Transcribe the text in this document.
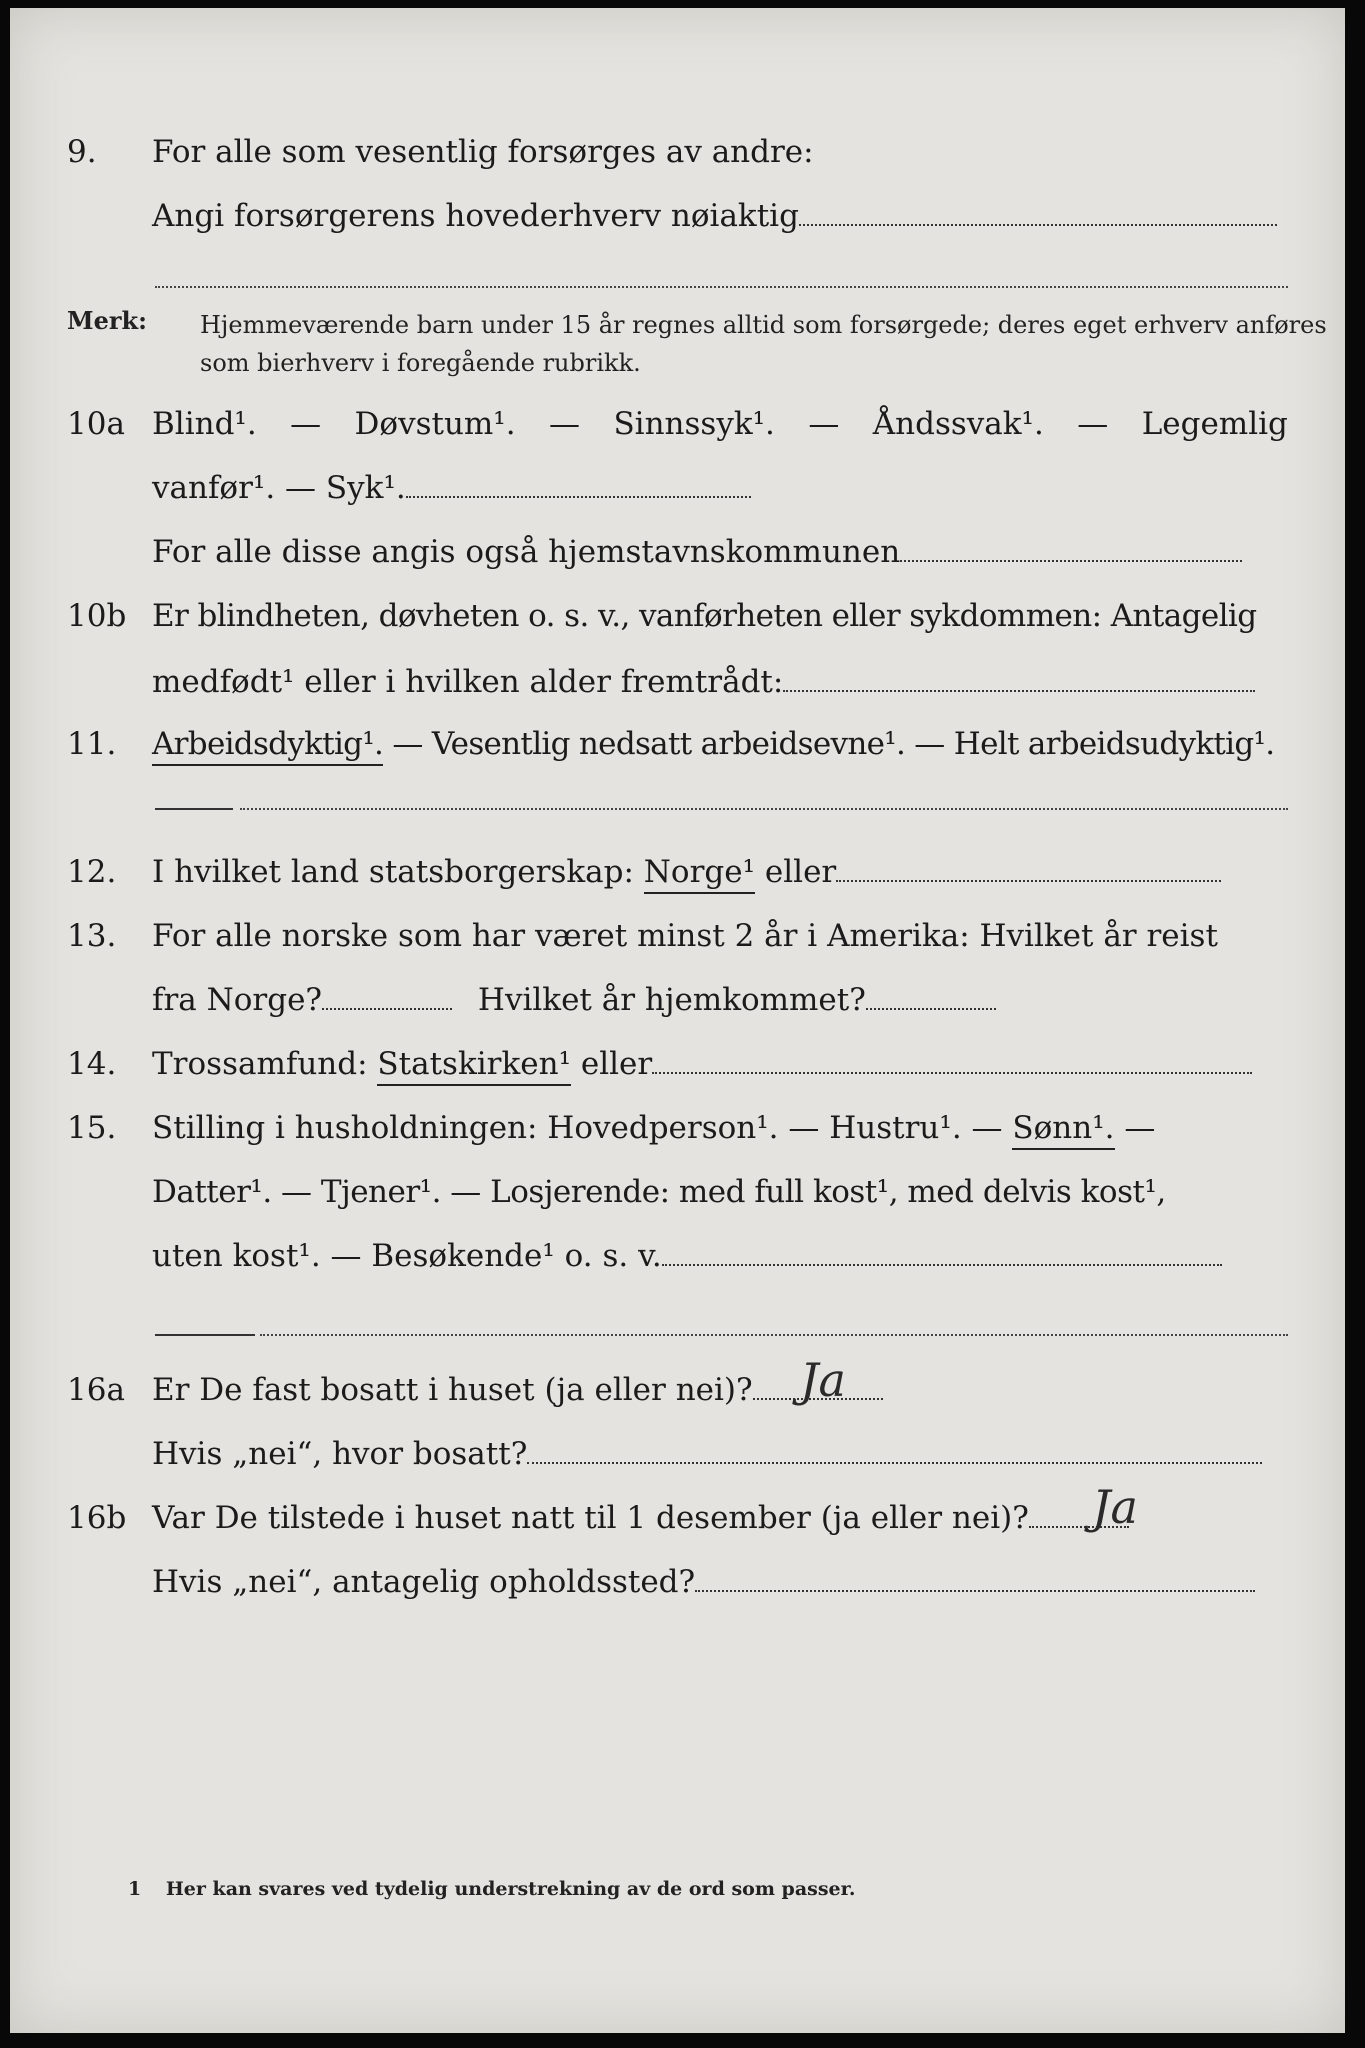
9. For alle som vesentlig forsørges av andre:
Angi forsørgerens hovederhverv nøiaktig
Merk: Hjemmeværende barn under 15 år regnes alltid som forsørgede; deres eget erhverv anføres som bierhverv i foregående rubrikk.
10a Blind¹. — Døvstum¹. — Sinnssyk¹. — Åndssvak¹. — Legemlig
vanfør¹. — Syk¹.
For alle disse angis også hjemstavnskommunen
10b Er blindheten, døvheten o. s. v., vanførheten eller sykdommen: Antagelig
medfødt¹ eller i hvilken alder fremtrådt:
11. Arbeidsdyktig¹. — Vesentlig nedsatt arbeidsevne¹. — Helt arbeidsudyktig¹.
12. I hvilket land statsborgerskap: Norge¹ eller
13. For alle norske som har været minst 2 år i Amerika: Hvilket år reist
fra Norge?	Hvilket år hjemkommet?
14. Trossamfund: Statskirken¹ eller
15. Stilling i husholdningen: Hovedperson¹. — Hustru¹. — Sønn¹. —
Datter¹. — Tjener¹. — Losjerende: med full kost¹, med delvis kost¹,
uten kost¹. — Besøkende¹ o. s. v.
16a Er De fast bosatt i huset (ja eller nei)?	Ja
Hvis „nei“, hvor bosatt?
16b Var De tilstede i huset natt til 1 desember (ja eller nei)?	Ja
Hvis „nei“, antagelig opholdssted?
1 Her kan svares ved tydelig understrekning av de ord som passer.
